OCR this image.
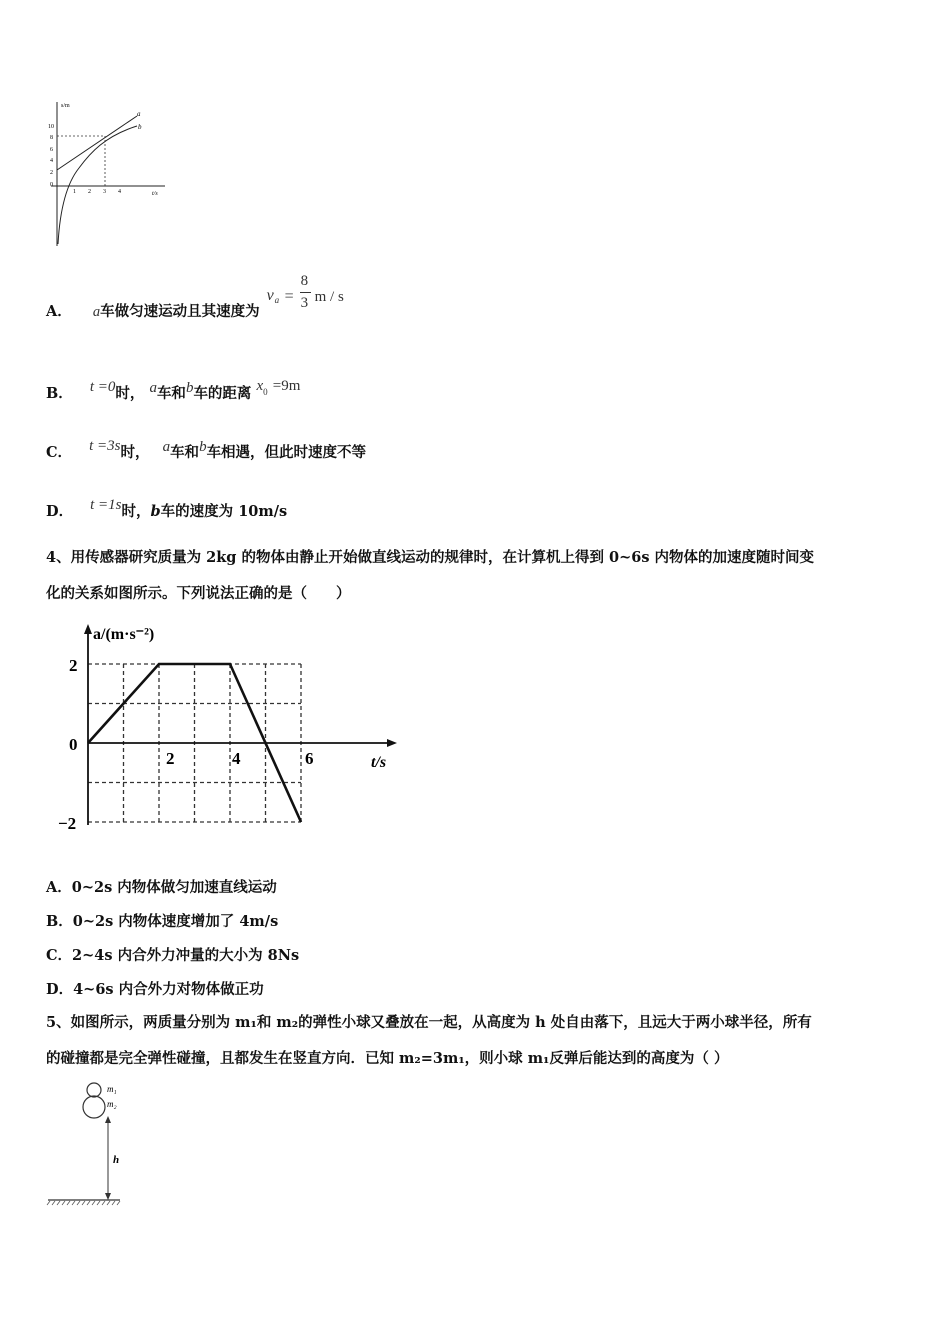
s/m
t/s
10
8
6
4
2
0
1 2 3 4
a
b
A． a车做匀速运动且其速度为
v a =
8
3 m / s
B． t =0时， a车和b车的距离 $x^0 =9m$
C． t =3s时， a车和b车相遇，但此时速度不等
D． t =1s时，b车的速度为 10m/s
4、用传感器研究质量为 2kg 的物体由静止开始做直线运动的规律时，在计算机上得到 0~6s 内物体的加速度随时间变
化的关系如图所示。下列说法正确的是（　　）
a/(m·s⁻²)
t/s
2
0
−2
2	4	6
A．0~2s 内物体做匀加速直线运动
B．0~2s 内物体速度增加了 4m/s
C．2~4s 内合外力冲量的大小为 8Ns
D．4~6s 内合外力对物体做正功
5、如图所示，两质量分别为 m₁和 m₂的弹性小球又叠放在一起，从高度为 h 处自由落下，且远大于两小球半径，所有
的碰撞都是完全弹性碰撞，且都发生在竖直方向．已知 m₂=3m₁，则小球 m₁反弹后能达到的高度为（ ）
m₁
m₂
h
